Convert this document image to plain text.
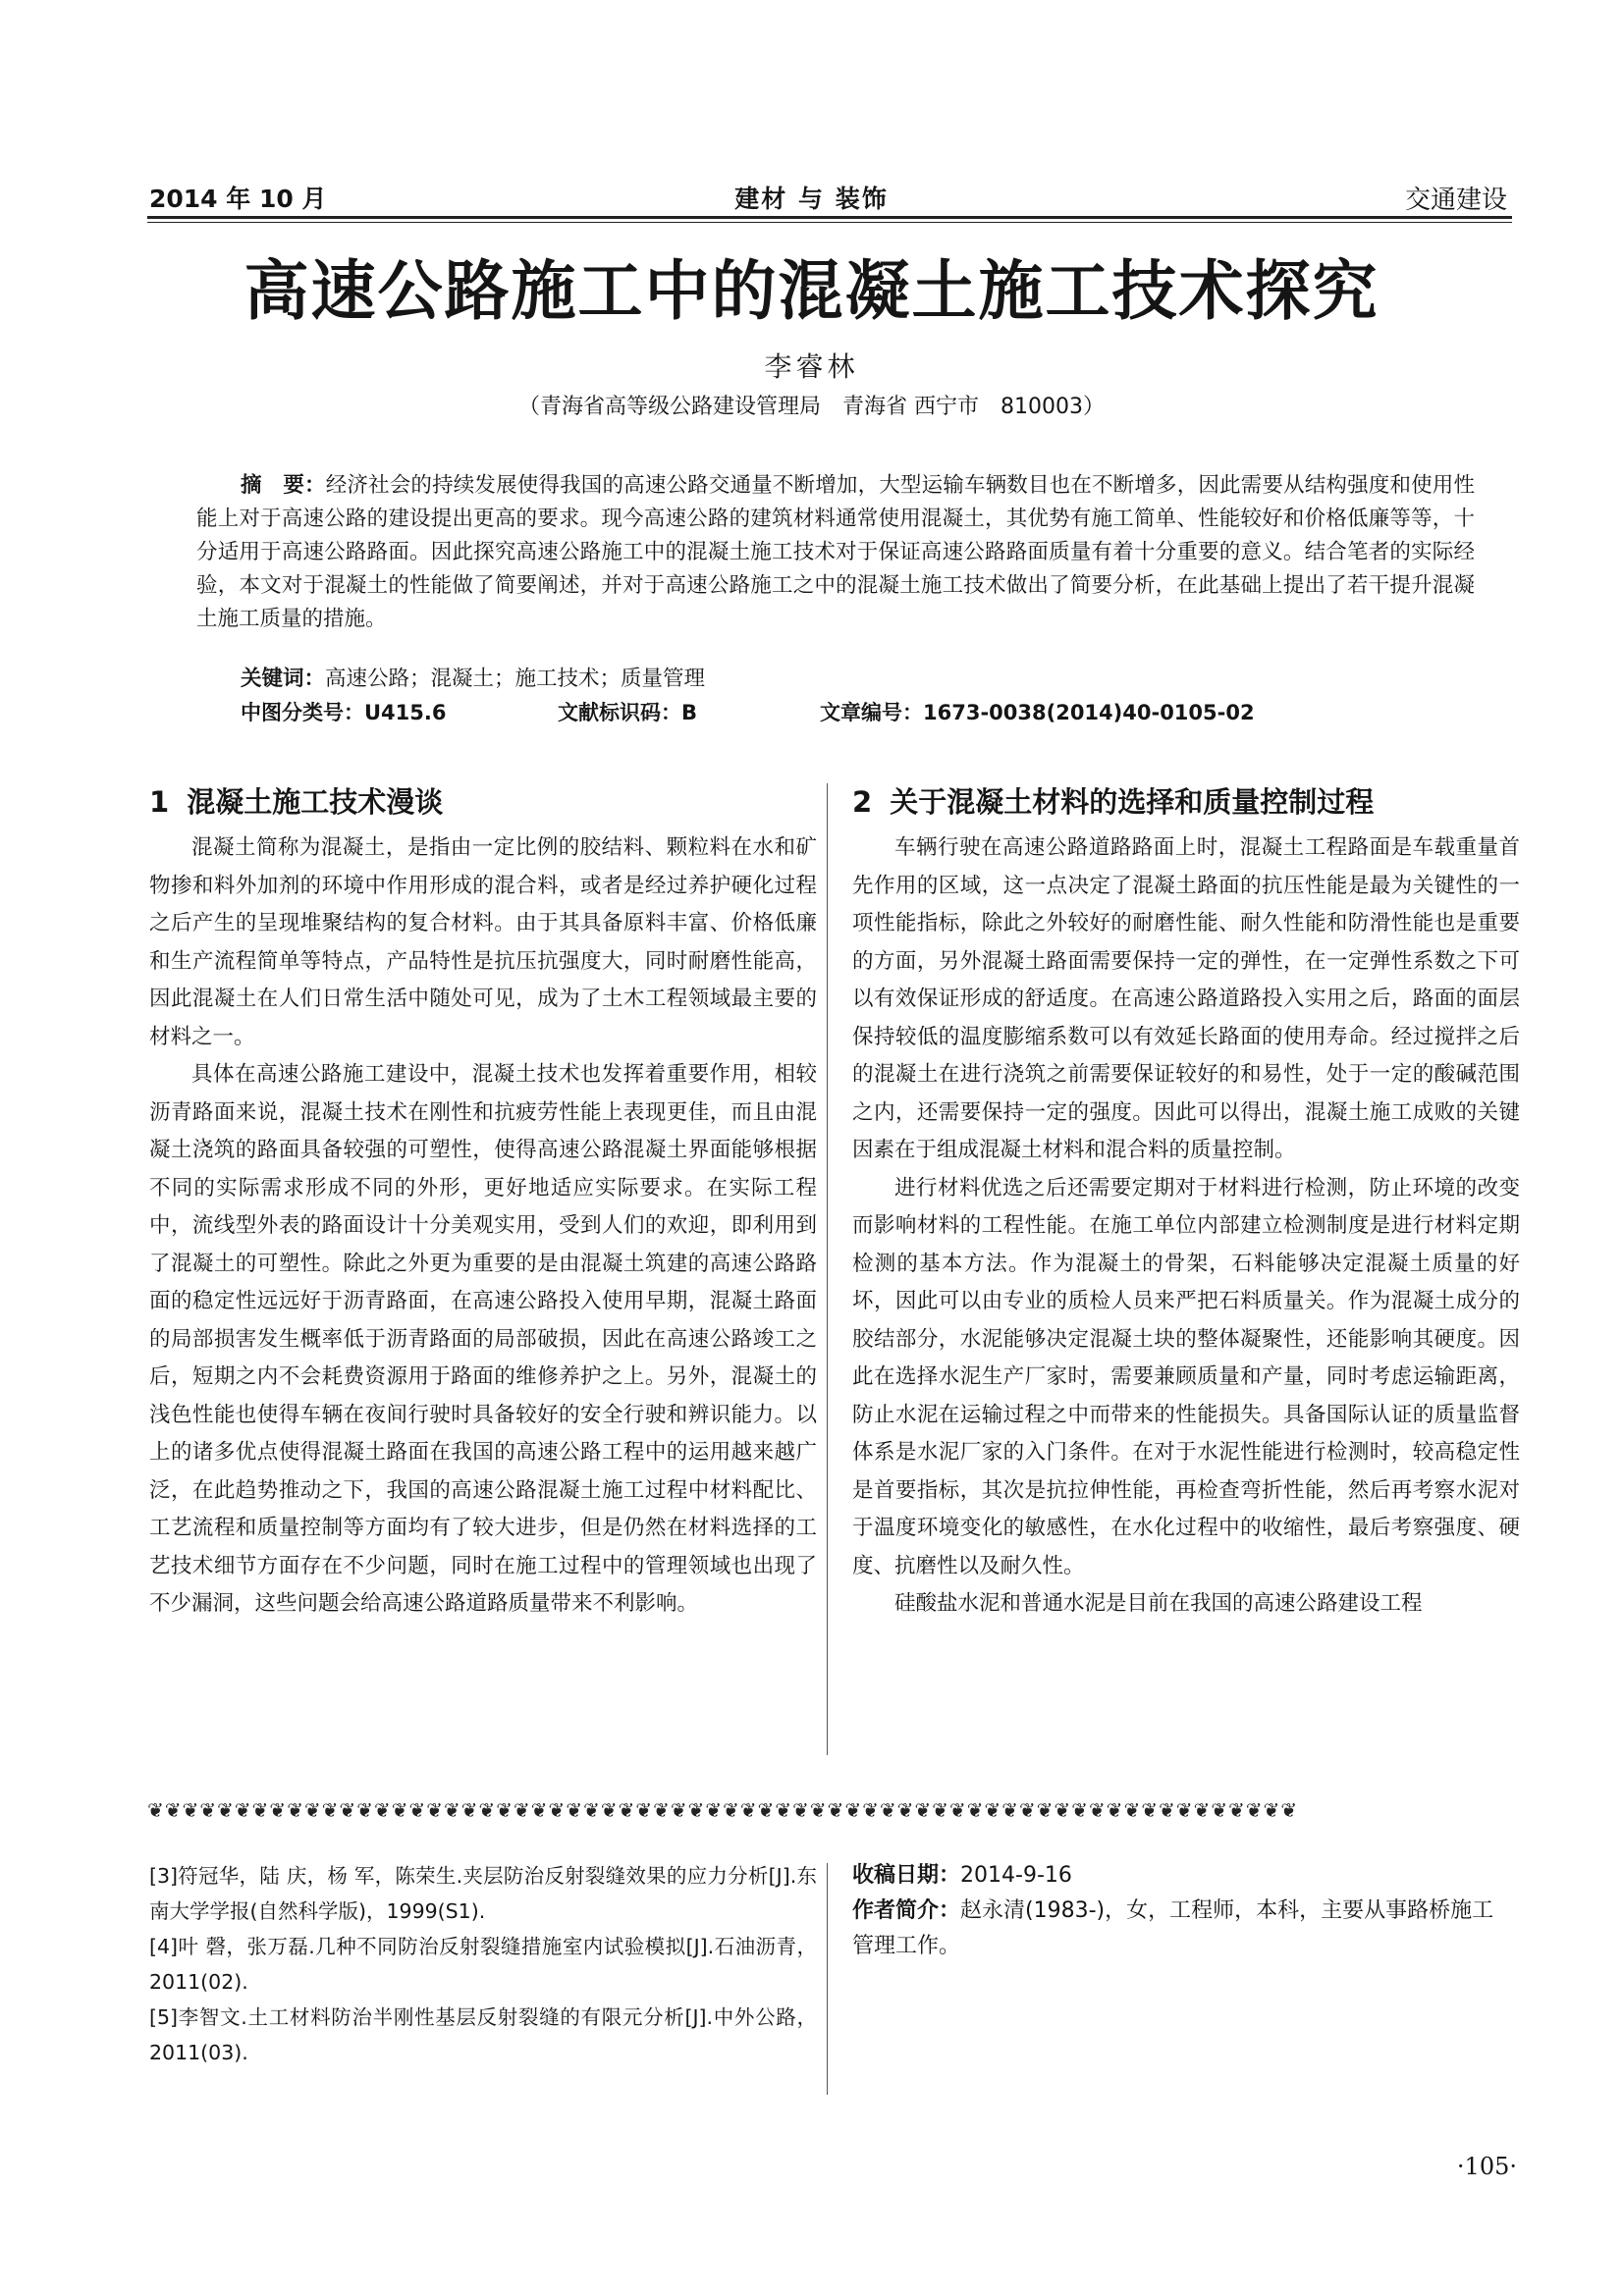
2014 年 10 月	建材 与 装饰	交通建设
高速公路施工中的混凝土施工技术探究
李睿林
（青海省高等级公路建设管理局　青海省 西宁市　810003）
摘　要：经济社会的持续发展使得我国的高速公路交通量不断增加，大型运输车辆数目也在不断增多，因此需要从结构强度和使用性能上对于高速公路的建设提出更高的要求。现今高速公路的建筑材料通常使用混凝土，其优势有施工简单、性能较好和价格低廉等等，十分适用于高速公路路面。因此探究高速公路施工中的混凝土施工技术对于保证高速公路路面质量有着十分重要的意义。结合笔者的实际经验，本文对于混凝土的性能做了简要阐述，并对于高速公路施工之中的混凝土施工技术做出了简要分析，在此基础上提出了若干提升混凝土施工质量的措施。
关键词：高速公路；混凝土；施工技术；质量管理
中图分类号：U415.6	文献标识码：B	文章编号：1673-0038(2014)40-0105-02
1 混凝土施工技术漫谈

混凝土简称为混凝土，是指由一定比例的胶结料、颗粒料在水和矿物掺和料外加剂的环境中作用形成的混合料，或者是经过养护硬化过程之后产生的呈现堆聚结构的复合材料。由于其具备原料丰富、价格低廉和生产流程简单等特点，产品特性是抗压抗强度大，同时耐磨性能高，因此混凝土在人们日常生活中随处可见，成为了土木工程领域最主要的材料之一。

具体在高速公路施工建设中，混凝土技术也发挥着重要作用，相较沥青路面来说，混凝土技术在刚性和抗疲劳性能上表现更佳，而且由混凝土浇筑的路面具备较强的可塑性，使得高速公路混凝土界面能够根据不同的实际需求形成不同的外形，更好地适应实际要求。在实际工程中，流线型外表的路面设计十分美观实用，受到人们的欢迎，即利用到了混凝土的可塑性。除此之外更为重要的是由混凝土筑建的高速公路路面的稳定性远远好于沥青路面，在高速公路投入使用早期，混凝土路面的局部损害发生概率低于沥青路面的局部破损，因此在高速公路竣工之后，短期之内不会耗费资源用于路面的维修养护之上。另外，混凝土的浅色性能也使得车辆在夜间行驶时具备较好的安全行驶和辨识能力。以上的诸多优点使得混凝土路面在我国的高速公路工程中的运用越来越广泛，在此趋势推动之下，我国的高速公路混凝土施工过程中材料配比、工艺流程和质量控制等方面均有了较大进步，但是仍然在材料选择的工艺技术细节方面存在不少问题，同时在施工过程中的管理领域也出现了不少漏洞，这些问题会给高速公路道路质量带来不利影响。

2 关于混凝土材料的选择和质量控制过程

车辆行驶在高速公路道路路面上时，混凝土工程路面是车载重量首先作用的区域，这一点决定了混凝土路面的抗压性能是最为关键性的一项性能指标，除此之外较好的耐磨性能、耐久性能和防滑性能也是重要的方面，另外混凝土路面需要保持一定的弹性，在一定弹性系数之下可以有效保证形成的舒适度。在高速公路道路投入实用之后，路面的面层保持较低的温度膨缩系数可以有效延长路面的使用寿命。经过搅拌之后的混凝土在进行浇筑之前需要保证较好的和易性，处于一定的酸碱范围之内，还需要保持一定的强度。因此可以得出，混凝土施工成败的关键因素在于组成混凝土材料和混合料的质量控制。

进行材料优选之后还需要定期对于材料进行检测，防止环境的改变而影响材料的工程性能。在施工单位内部建立检测制度是进行材料定期检测的基本方法。作为混凝土的骨架，石料能够决定混凝土质量的好坏，因此可以由专业的质检人员来严把石料质量关。作为混凝土成分的胶结部分，水泥能够决定混凝土块的整体凝聚性，还能影响其硬度。因此在选择水泥生产厂家时，需要兼顾质量和产量，同时考虑运输距离，防止水泥在运输过程之中而带来的性能损失。具备国际认证的质量监督体系是水泥厂家的入门条件。在对于水泥性能进行检测时，较高稳定性是首要指标，其次是抗拉伸性能，再检查弯折性能，然后再考察水泥对于温度环境变化的敏感性，在水化过程中的收缩性，最后考察强度、硬度、抗磨性以及耐久性。

硅酸盐水泥和普通水泥是目前在我国的高速公路建设工程

❦❦❦❦❦❦❦❦❦❦❦❦❦❦❦❦❦❦❦❦❦❦❦❦❦❦❦❦❦❦❦❦❦❦❦❦❦❦❦❦❦❦❦❦❦❦❦❦❦❦❦❦❦❦❦❦❦❦❦❦❦❦❦❦❦❦

[3]符冠华，陆 庆，杨 军，陈荣生.夹层防治反射裂缝效果的应力分析[J].东南大学学报(自然科学版)，1999(S1).

[4]叶 磬，张万磊.几种不同防治反射裂缝措施室内试验模拟[J].石油沥青，2011(02).

[5]李智文.土工材料防治半刚性基层反射裂缝的有限元分析[J].中外公路，2011(03).

收稿日期：2014-9-16

作者简介：赵永清(1983-)，女，工程师，本科，主要从事路桥施工管理工作。

·105·
